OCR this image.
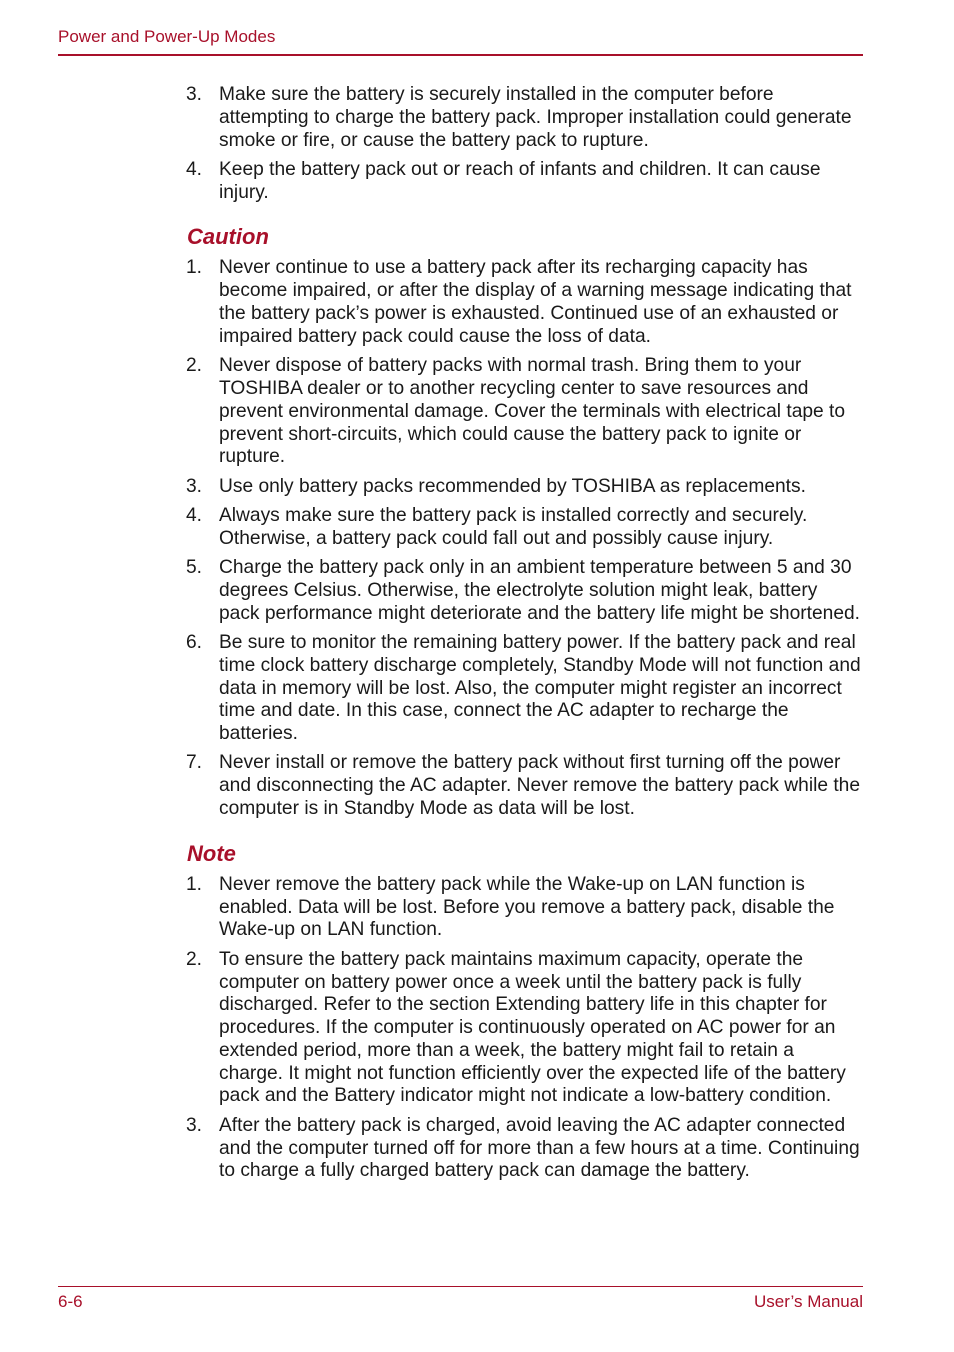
Power and Power-Up Modes
3. Make sure the battery is securely installed in the computer before attempting to charge the battery pack. Improper installation could generate smoke or fire, or cause the battery pack to rupture.
4. Keep the battery pack out or reach of infants and children. It can cause injury.
Caution
1. Never continue to use a battery pack after its recharging capacity has become impaired, or after the display of a warning message indicating that the battery pack’s power is exhausted. Continued use of an exhausted or impaired battery pack could cause the loss of data.
2. Never dispose of battery packs with normal trash. Bring them to your TOSHIBA dealer or to another recycling center to save resources and prevent environmental damage. Cover the terminals with electrical tape to prevent short-circuits, which could cause the battery pack to ignite or rupture.
3. Use only battery packs recommended by TOSHIBA as replacements.
4. Always make sure the battery pack is installed correctly and securely. Otherwise, a battery pack could fall out and possibly cause injury.
5. Charge the battery pack only in an ambient temperature between 5 and 30 degrees Celsius. Otherwise, the electrolyte solution might leak, battery pack performance might deteriorate and the battery life might be shortened.
6. Be sure to monitor the remaining battery power. If the battery pack and real time clock battery discharge completely, Standby Mode will not function and data in memory will be lost. Also, the computer might register an incorrect time and date. In this case, connect the AC adapter to recharge the batteries.
7. Never install or remove the battery pack without first turning off the power and disconnecting the AC adapter. Never remove the battery pack while the computer is in Standby Mode as data will be lost.
Note
1. Never remove the battery pack while the Wake-up on LAN function is enabled. Data will be lost. Before you remove a battery pack, disable the Wake-up on LAN function.
2. To ensure the battery pack maintains maximum capacity, operate the computer on battery power once a week until the battery pack is fully discharged. Refer to the section Extending battery life in this chapter for procedures. If the computer is continuously operated on AC power for an extended period, more than a week, the battery might fail to retain a charge. It might not function efficiently over the expected life of the battery pack and the Battery indicator might not indicate a low-battery condition.
3. After the battery pack is charged, avoid leaving the AC adapter connected and the computer turned off for more than a few hours at a time. Continuing to charge a fully charged battery pack can damage the battery.
6-6	User’s Manual
